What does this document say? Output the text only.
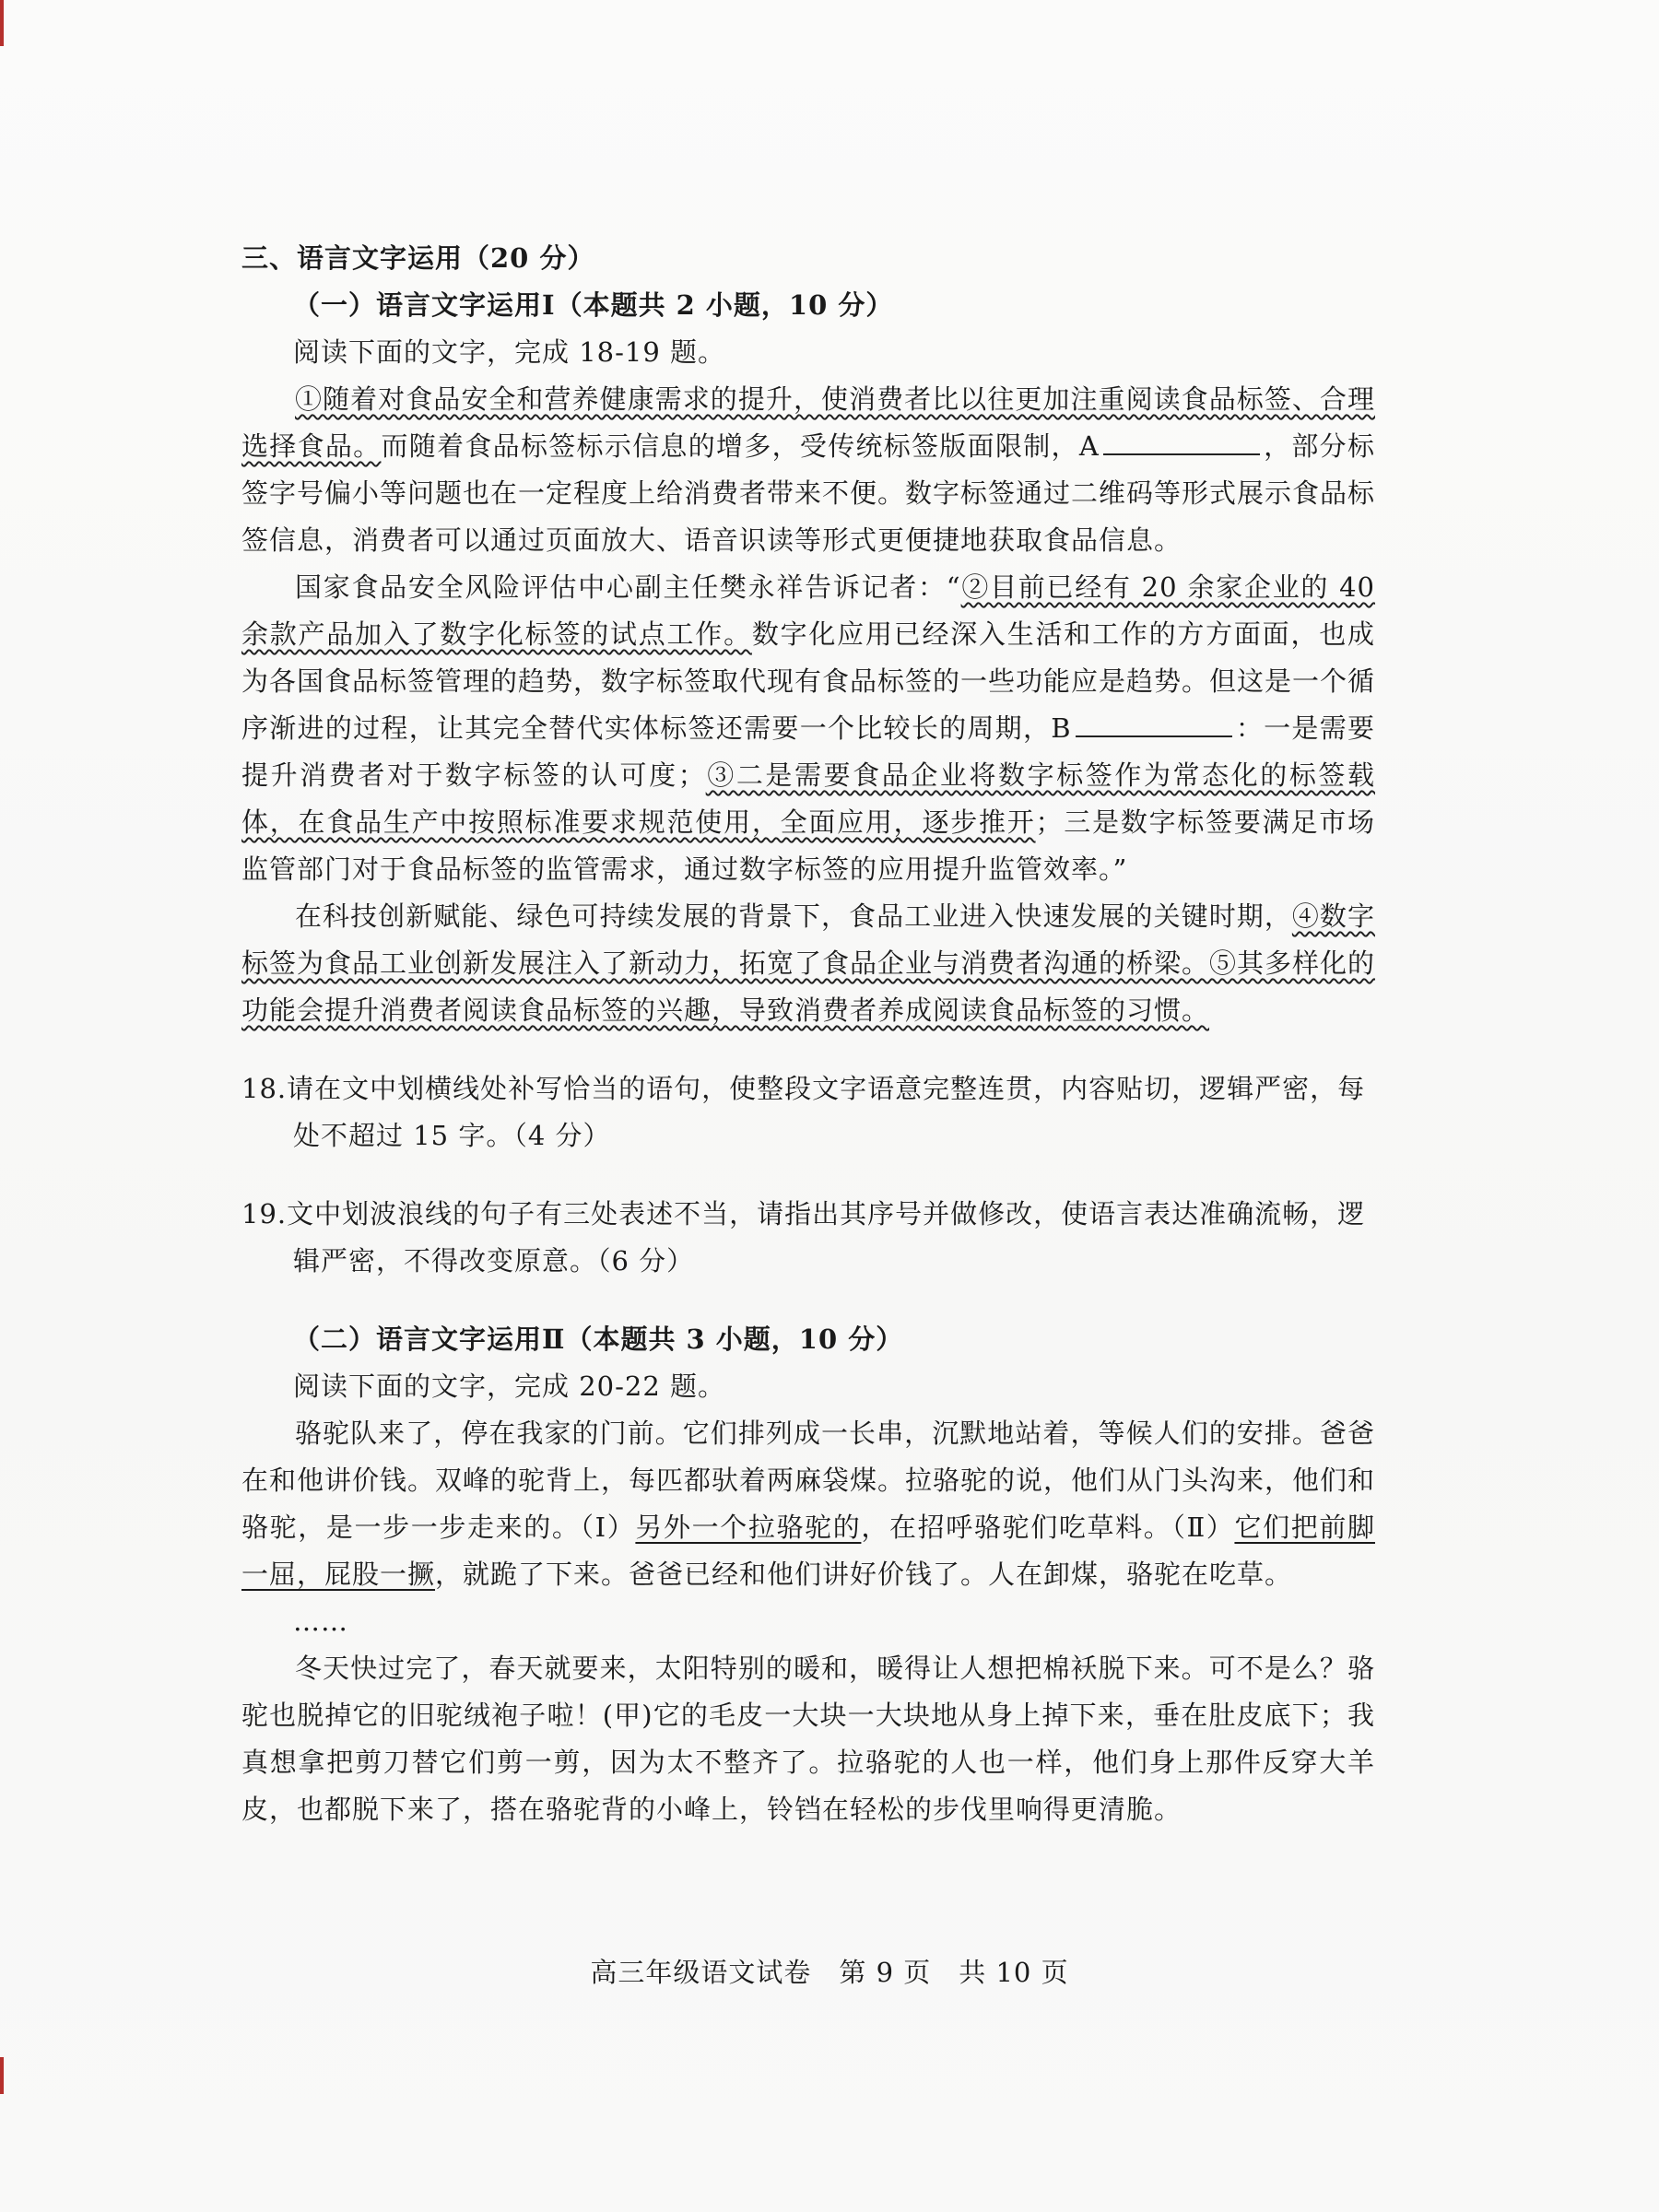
三、语言文字运用（20 分）

（一）语言文字运用Ⅰ（本题共 2 小题，10 分）

阅读下面的文字，完成 18-19 题。

①随着对食品安全和营养健康需求的提升，使消费者比以往更加注重阅读食品标签、合理选择食品。而随着食品标签标示信息的增多，受传统标签版面限制，A	，部分标签字号偏小等问题也在一定程度上给消费者带来不便。数字标签通过二维码等形式展示食品标签信息，消费者可以通过页面放大、语音识读等形式更便捷地获取食品信息。

国家食品安全风险评估中心副主任樊永祥告诉记者：“②目前已经有 20 余家企业的 40 余款产品加入了数字化标签的试点工作。数字化应用已经深入生活和工作的方方面面，也成为各国食品标签管理的趋势，数字标签取代现有食品标签的一些功能应是趋势。但这是一个循序渐进的过程，让其完全替代实体标签还需要一个比较长的周期，B	：一是需要提升消费者对于数字标签的认可度；③二是需要食品企业将数字标签作为常态化的标签载体，在食品生产中按照标准要求规范使用，全面应用，逐步推开；三是数字标签要满足市场监管部门对于食品标签的监管需求，通过数字标签的应用提升监管效率。”

在科技创新赋能、绿色可持续发展的背景下，食品工业进入快速发展的关键时期，④数字标签为食品工业创新发展注入了新动力，拓宽了食品企业与消费者沟通的桥梁。⑤其多样化的功能会提升消费者阅读食品标签的兴趣，导致消费者养成阅读食品标签的习惯。

18.请在文中划横线处补写恰当的语句，使整段文字语意完整连贯，内容贴切，逻辑严密，每处不超过 15 字。（4 分）

19.文中划波浪线的句子有三处表述不当，请指出其序号并做修改，使语言表达准确流畅，逻辑严密，不得改变原意。（6 分）

（二）语言文字运用Ⅱ（本题共 3 小题，10 分）

阅读下面的文字，完成 20-22 题。

骆驼队来了，停在我家的门前。它们排列成一长串，沉默地站着，等候人们的安排。爸爸在和他讲价钱。双峰的驼背上，每匹都驮着两麻袋煤。拉骆驼的说，他们从门头沟来，他们和骆驼，是一步一步走来的。（Ⅰ）另外一个拉骆驼的，在招呼骆驼们吃草料。（Ⅱ）它们把前脚一屈，屁股一撅，就跪了下来。爸爸已经和他们讲好价钱了。人在卸煤，骆驼在吃草。

……

冬天快过完了，春天就要来，太阳特别的暖和，暖得让人想把棉袄脱下来。可不是么？骆驼也脱掉它的旧驼绒袍子啦！(甲)它的毛皮一大块一大块地从身上掉下来，垂在肚皮底下；我真想拿把剪刀替它们剪一剪，因为太不整齐了。拉骆驼的人也一样，他们身上那件反穿大羊皮，也都脱下来了，搭在骆驼背的小峰上，铃铛在轻松的步伐里响得更清脆。

高三年级语文试卷　第 9 页　共 10 页
